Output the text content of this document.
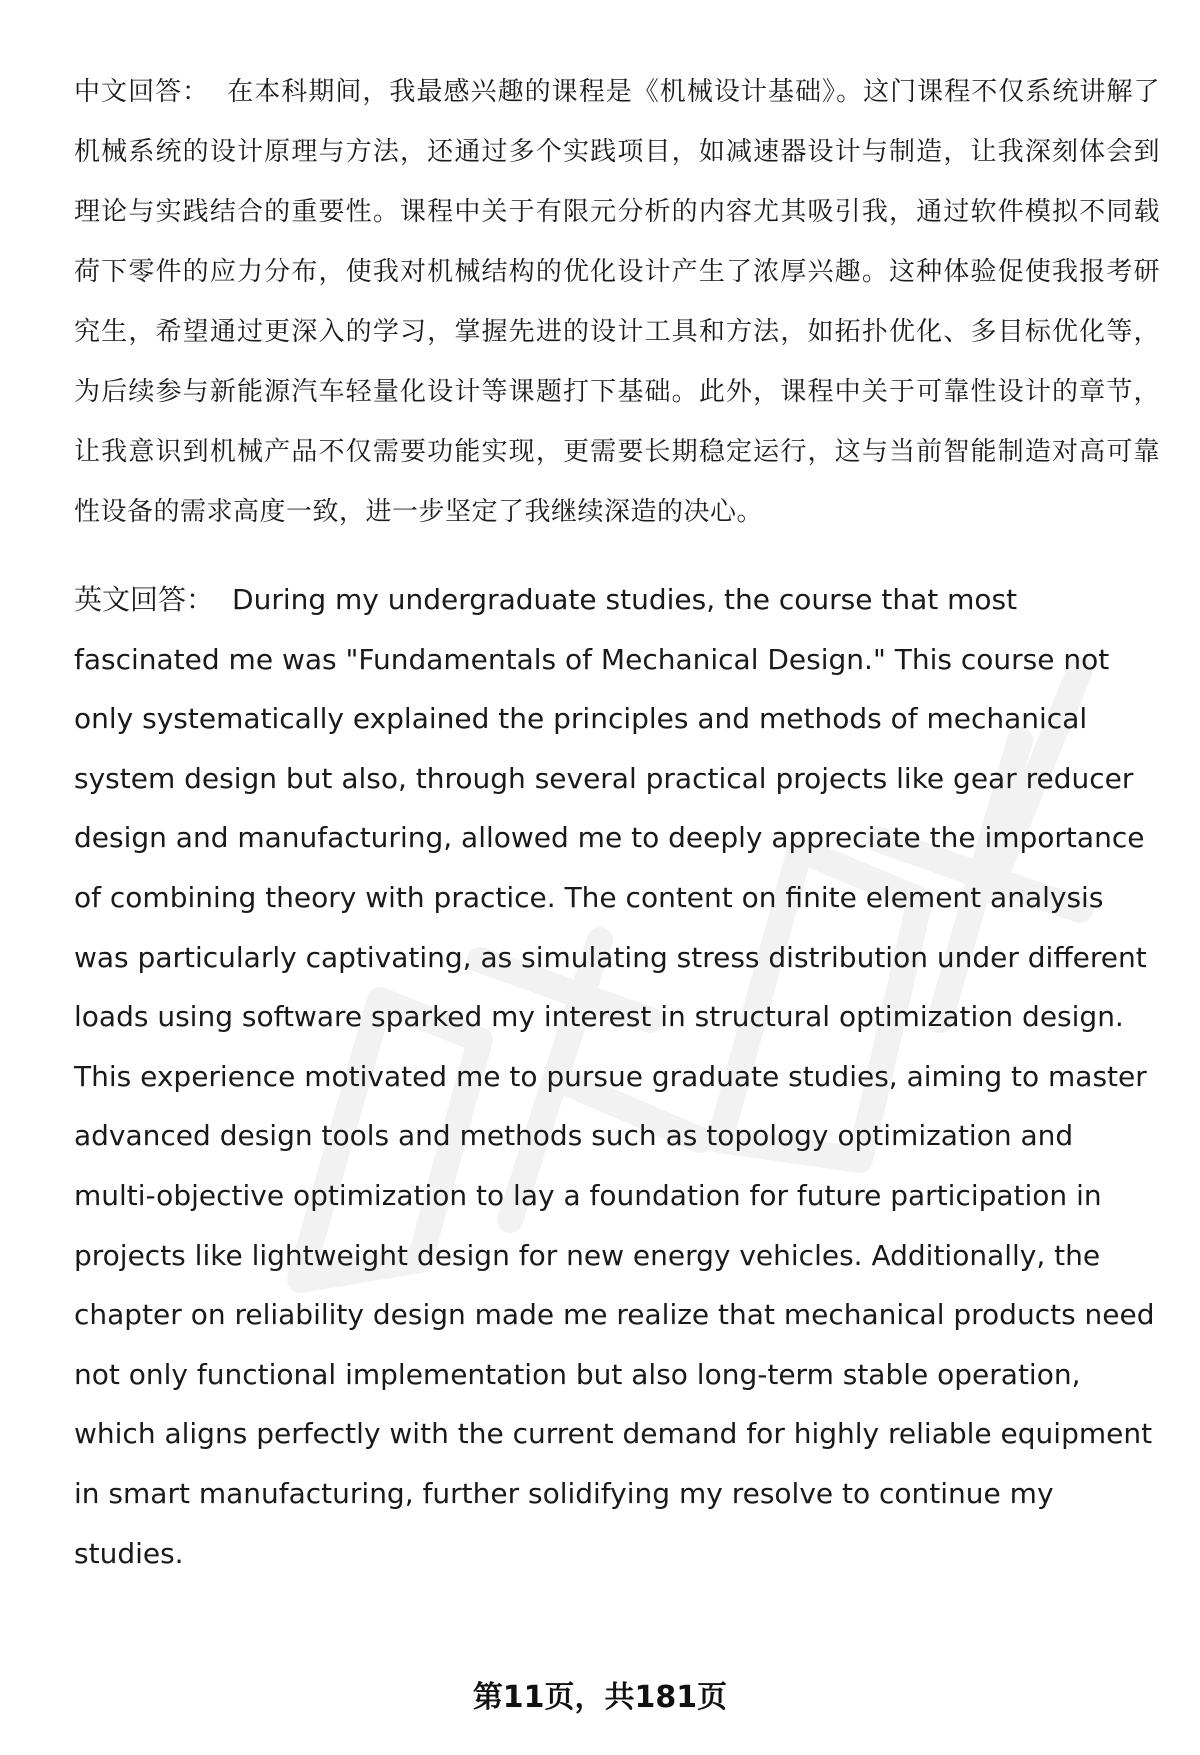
中文回答： 在本科期间，我最感兴趣的课程是《机械设计基础》。这门课程不仅系统讲解了机械系统的设计原理与方法，还通过多个实践项目，如减速器设计与制造，让我深刻体会到理论与实践结合的重要性。课程中关于有限元分析的内容尤其吸引我，通过软件模拟不同载荷下零件的应力分布，使我对机械结构的优化设计产生了浓厚兴趣。这种体验促使我报考研究生，希望通过更深入的学习，掌握先进的设计工具和方法，如拓扑优化、多目标优化等，为后续参与新能源汽车轻量化设计等课题打下基础。此外，课程中关于可靠性设计的章节，让我意识到机械产品不仅需要功能实现，更需要长期稳定运行，这与当前智能制造对高可靠性设备的需求高度一致，进一步坚定了我继续深造的决心。

英文回答： During my undergraduate studies, the course that most fascinated me was "Fundamentals of Mechanical Design." This course not only systematically explained the principles and methods of mechanical system design but also, through several practical projects like gear reducer design and manufacturing, allowed me to deeply appreciate the importance of combining theory with practice. The content on finite element analysis was particularly captivating, as simulating stress distribution under different loads using software sparked my interest in structural optimization design. This experience motivated me to pursue graduate studies, aiming to master advanced design tools and methods such as topology optimization and multi-objective optimization to lay a foundation for future participation in projects like lightweight design for new energy vehicles. Additionally, the chapter on reliability design made me realize that mechanical products need not only functional implementation but also long-term stable operation, which aligns perfectly with the current demand for highly reliable equipment in smart manufacturing, further solidifying my resolve to continue my studies.

第11页，共181页
